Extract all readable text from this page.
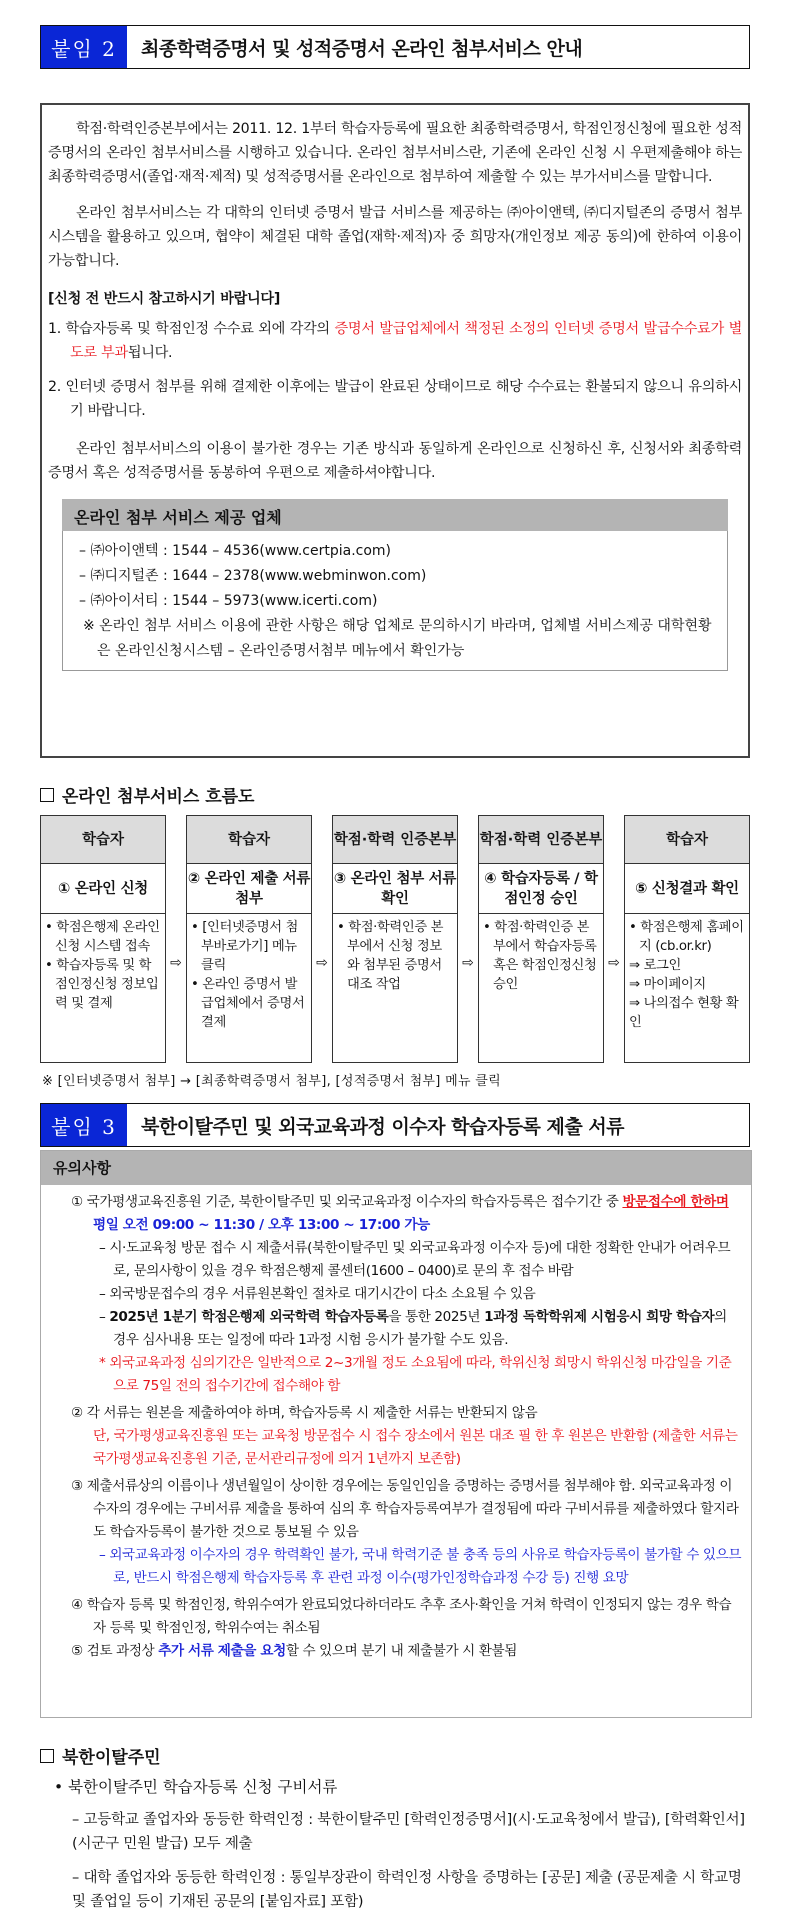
붙임 2	최종학력증명서 및 성적증명서 온라인 첨부서비스 안내

학점·학력인증본부에서는 2011. 12. 1부터 학습자등록에 필요한 최종학력증명서, 학점인정신청에 필요한 성적증명서의 온라인 첨부서비스를 시행하고 있습니다. 온라인 첨부서비스란, 기존에 온라인 신청 시 우편제출해야 하는 최종학력증명서(졸업·재적·제적) 및 성적증명서를 온라인으로 첨부하여 제출할 수 있는 부가서비스를 말합니다.

온라인 첨부서비스는 각 대학의 인터넷 증명서 발급 서비스를 제공하는 ㈜아이앤텍, ㈜디지털존의 증명서 첨부 시스템을 활용하고 있으며, 협약이 체결된 대학 졸업(재학·제적)자 중 희망자(개인정보 제공 동의)에 한하여 이용이 가능합니다.

[신청 전 반드시 참고하시기 바랍니다]

1. 학습자등록 및 학점인정 수수료 외에 각각의 증명서 발급업체에서 책정된 소정의 인터넷 증명서 발급수수료가 별도로 부과됩니다.

2. 인터넷 증명서 첨부를 위해 결제한 이후에는 발급이 완료된 상태이므로 해당 수수료는 환불되지 않으니 유의하시기 바랍니다.

온라인 첨부서비스의 이용이 불가한 경우는 기존 방식과 동일하게 온라인으로 신청하신 후, 신청서와 최종학력증명서 혹은 성적증명서를 동봉하여 우편으로 제출하셔야합니다.

온라인 첨부 서비스 제공 업체
– ㈜아이앤텍 : 1544 – 4536(www.certpia.com)
– ㈜디지털존 : 1644 – 2378(www.webminwon.com)
– ㈜아이서티 : 1544 – 5973(www.icerti.com)
※ 온라인 첨부 서비스 이용에 관한 사항은 해당 업체로 문의하시기 바라며, 업체별 서비스제공 대학현황은 온라인신청시스템 – 온라인증명서첨부 메뉴에서 확인가능
온라인 첨부서비스 흐름도
학습자
① 온라인 신청
• 학점은행제 온라인신청 시스템 접속
• 학습자등록 및 학점인정신청 정보입력 및 결제
⇨
학습자
② 온라인 제출 서류 첨부
• [인터넷증명서 첨부바로가기] 메뉴클릭
• 온라인 증명서 발급업체에서 증명서 결제
⇨
학점·학력 인증본부
③ 온라인 첨부 서류 확인
• 학점·학력인증 본부에서 신청 정보와 첨부된 증명서 대조 작업
⇨
학점·학력 인증본부
④ 학습자등록 / 학점인정 승인
• 학점·학력인증 본부에서 학습자등록 혹은 학점인정신청 승인
⇨
학습자
⑤ 신청결과 확인
• 학점은행제 홈페이지 (cb.or.kr)
⇒ 로그인
⇒ 마이페이지
⇒ 나의접수 현황 확인
※ [인터넷증명서 첨부] → [최종학력증명서 첨부], [성적증명서 첨부] 메뉴 클릭
붙임 3	북한이탈주민 및 외국교육과정 이수자 학습자등록 제출 서류
유의사항
① 국가평생교육진흥원 기준, 북한이탈주민 및 외국교육과정 이수자의 학습자등록은 접수기간 중 방문접수에 한하며
평일 오전 09:00 ~ 11:30 / 오후 13:00 ~ 17:00 가능
– 시·도교육청 방문 접수 시 제출서류(북한이탈주민 및 외국교육과정 이수자 등)에 대한 정확한 안내가 어려우므로, 문의사항이 있을 경우 학점은행제 콜센터(1600 – 0400)로 문의 후 접수 바람
– 외국방문접수의 경우 서류원본확인 절차로 대기시간이 다소 소요될 수 있음
– 2025년 1분기 학점은행제 외국학력 학습자등록을 통한 2025년 1과정 독학학위제 시험응시 희망 학습자의 경우 심사내용 또는 일정에 따라 1과정 시험 응시가 불가할 수도 있음.
* 외국교육과정 심의기간은 일반적으로 2~3개월 정도 소요됨에 따라, 학위신청 희망시 학위신청 마감일을 기준으로 75일 전의 접수기간에 접수해야 함
② 각 서류는 원본을 제출하여야 하며, 학습자등록 시 제출한 서류는 반환되지 않음
단, 국가평생교육진흥원 또는 교육청 방문접수 시 접수 장소에서 원본 대조 필 한 후 원본은 반환함 (제출한 서류는 국가평생교육진흥원 기준, 문서관리규정에 의거 1년까지 보존함)
③ 제출서류상의 이름이나 생년월일이 상이한 경우에는 동일인임을 증명하는 증명서를 첨부해야 함. 외국교육과정 이수자의 경우에는 구비서류 제출을 통하여 심의 후 학습자등록여부가 결정됨에 따라 구비서류를 제출하였다 할지라도 학습자등록이 불가한 것으로 통보될 수 있음
– 외국교육과정 이수자의 경우 학력확인 불가, 국내 학력기준 불 충족 등의 사유로 학습자등록이 불가할 수 있으므로, 반드시 학점은행제 학습자등록 후 관련 과정 이수(평가인정학습과정 수강 등) 진행 요망
④ 학습자 등록 및 학점인정, 학위수여가 완료되었다하더라도 추후 조사·확인을 거쳐 학력이 인정되지 않는 경우 학습자 등록 및 학점인정, 학위수여는 취소됨
⑤ 검토 과정상 추가 서류 제출을 요청할 수 있으며 분기 내 제출불가 시 환불됨
북한이탈주민
• 북한이탈주민 학습자등록 신청 구비서류
– 고등학교 졸업자와 동등한 학력인정 : 북한이탈주민 [학력인정증명서](시·도교육청에서 발급), [학력확인서](시군구 민원 발급) 모두 제출
– 대학 졸업자와 동등한 학력인정 : 통일부장관이 학력인정 사항을 증명하는 [공문] 제출 (공문제출 시 학교명 및 졸업일 등이 기재된 공문의 [붙임자료] 포함)
